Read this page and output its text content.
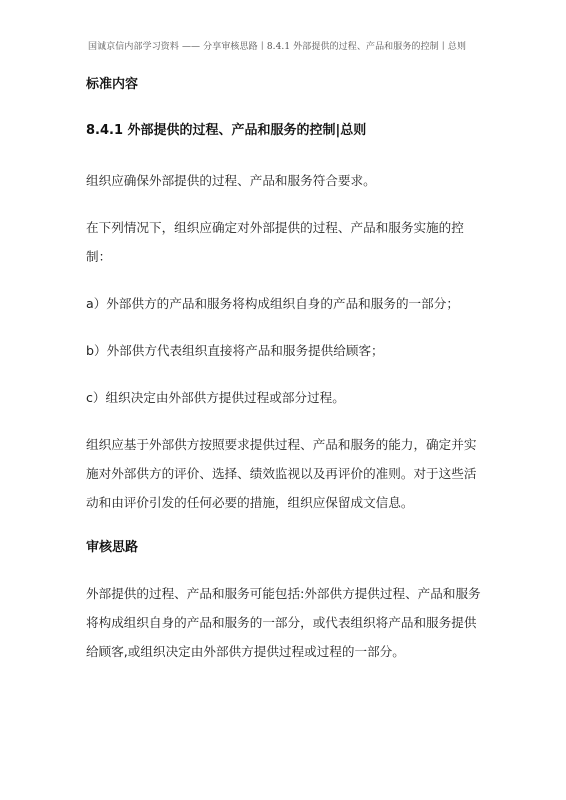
国诚京信内部学习资料 —— 分享审核思路丨8.4.1 外部提供的过程、产品和服务的控制丨总则
标准内容
8.4.1 外部提供的过程、产品和服务的控制|总则

组织应确保外部提供的过程、产品和服务符合要求。

在下列情况下，组织应确定对外部提供的过程、产品和服务实施的控制：

a）外部供方的产品和服务将构成组织自身的产品和服务的一部分；

b）外部供方代表组织直接将产品和服务提供给顾客；

c）组织决定由外部供方提供过程或部分过程。

组织应基于外部供方按照要求提供过程、产品和服务的能力，确定并实

施对外部供方的评价、选择、绩效监视以及再评价的准则。对于这些活

动和由评价引发的任何必要的措施，组织应保留成文信息。

审核思路

外部提供的过程、产品和服务可能包括:外部供方提供过程、产品和服务

将构成组织自身的产品和服务的一部分，或代表组织将产品和服务提供

给顾客,或组织决定由外部供方提供过程或过程的一部分。
